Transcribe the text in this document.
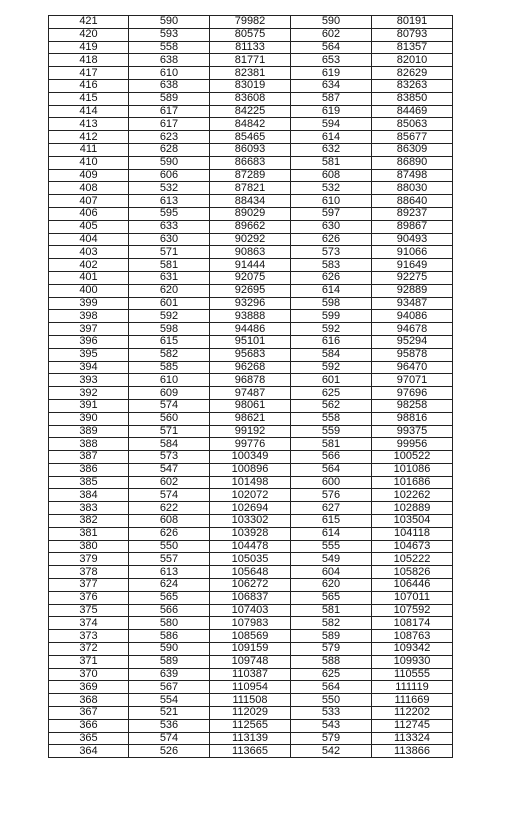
421	590	79982	590	80191
420	593	80575	602	80793
419	558	81133	564	81357
418	638	81771	653	82010
417	610	82381	619	82629
416	638	83019	634	83263
415	589	83608	587	83850
414	617	84225	619	84469
413	617	84842	594	85063
412	623	85465	614	85677
411	628	86093	632	86309
410	590	86683	581	86890
409	606	87289	608	87498
408	532	87821	532	88030
407	613	88434	610	88640
406	595	89029	597	89237
405	633	89662	630	89867
404	630	90292	626	90493
403	571	90863	573	91066
402	581	91444	583	91649
401	631	92075	626	92275
400	620	92695	614	92889
399	601	93296	598	93487
398	592	93888	599	94086
397	598	94486	592	94678
396	615	95101	616	95294
395	582	95683	584	95878
394	585	96268	592	96470
393	610	96878	601	97071
392	609	97487	625	97696
391	574	98061	562	98258
390	560	98621	558	98816
389	571	99192	559	99375
388	584	99776	581	99956
387	573	100349	566	100522
386	547	100896	564	101086
385	602	101498	600	101686
384	574	102072	576	102262
383	622	102694	627	102889
382	608	103302	615	103504
381	626	103928	614	104118
380	550	104478	555	104673
379	557	105035	549	105222
378	613	105648	604	105826
377	624	106272	620	106446
376	565	106837	565	107011
375	566	107403	581	107592
374	580	107983	582	108174
373	586	108569	589	108763
372	590	109159	579	109342
371	589	109748	588	109930
370	639	110387	625	110555
369	567	110954	564	111119
368	554	111508	550	111669
367	521	112029	533	112202
366	536	112565	543	112745
365	574	113139	579	113324
364	526	113665	542	113866
